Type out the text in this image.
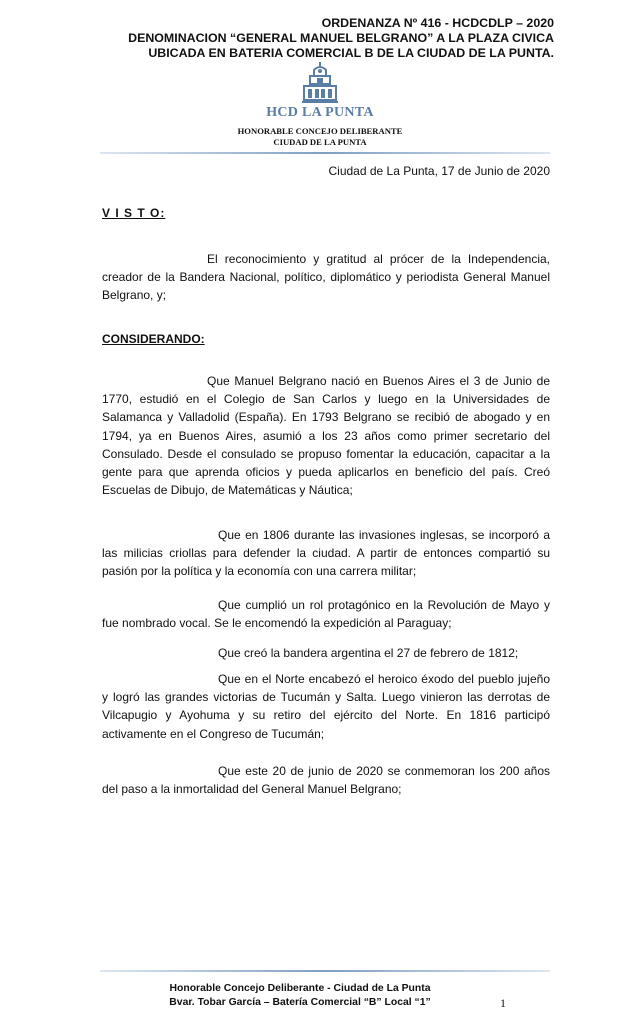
ORDENANZA Nº 416 - HCDCDLP – 2020
DENOMINACION “GENERAL MANUEL BELGRANO” A LA PLAZA CIVICA
UBICADA EN BATERIA COMERCIAL B DE LA CIUDAD DE LA PUNTA.
HCD LA PUNTA
HONORABLE CONCEJO DELIBERANTE
CIUDAD DE LA PUNTA
Ciudad de La Punta, 17 de Junio de 2020
V I S T O:
El reconocimiento y gratitud al prócer de la Independencia, creador de la Bandera Nacional, político, diplomático y periodista General Manuel Belgrano, y;
CONSIDERANDO:
Que Manuel Belgrano nació en Buenos Aires el 3 de Junio de 1770, estudió en el Colegio de San Carlos y luego en la Universidades de Salamanca y Valladolid (España). En 1793 Belgrano se recibió de abogado y en 1794, ya en Buenos Aires, asumió a los 23 años como primer secretario del Consulado. Desde el consulado se propuso fomentar la educación, capacitar a la gente para que aprenda oficios y pueda aplicarlos en beneficio del país. Creó Escuelas de Dibujo, de Matemáticas y Náutica;
Que en 1806 durante las invasiones inglesas, se incorporó a las milicias criollas para defender la ciudad. A partir de entonces compartió su pasión por la política y la economía con una carrera militar;
Que cumplió un rol protagónico en la Revolución de Mayo y fue nombrado vocal. Se le encomendó la expedición al Paraguay;
Que creó la bandera argentina el 27 de febrero de 1812;
Que en el Norte encabezó el heroico éxodo del pueblo jujeño y logró las grandes victorias de Tucumán y Salta. Luego vinieron las derrotas de Vilcapugio y Ayohuma y su retiro del ejército del Norte. En 1816 participó activamente en el Congreso de Tucumán;
Que este 20 de junio de 2020 se conmemoran los 200 años del paso a la inmortalidad del General Manuel Belgrano;
Honorable Concejo Deliberante - Ciudad de La Punta
Bvar. Tobar García – Batería Comercial “B” Local “1”	1
